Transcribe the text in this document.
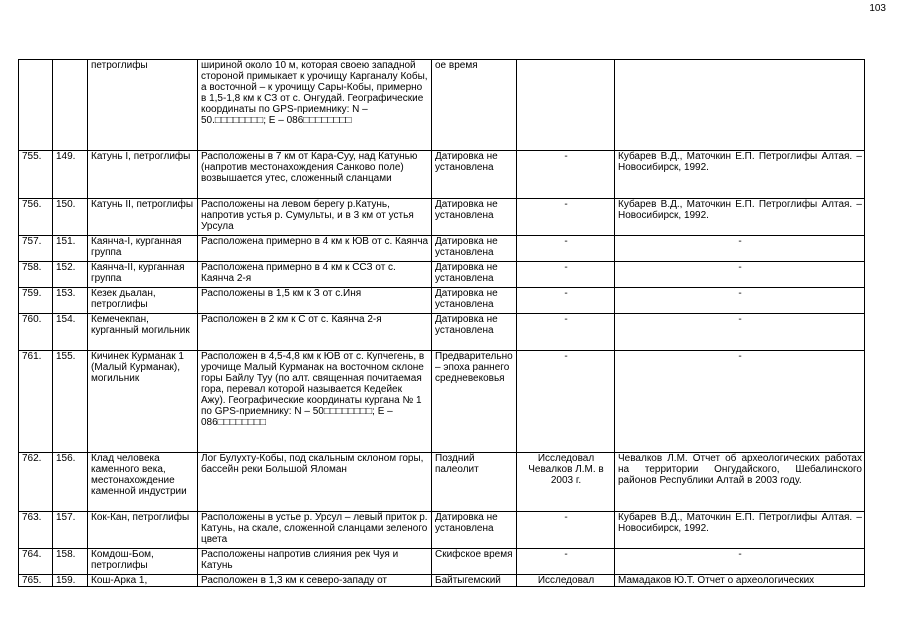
103
		петроглифы	шириной около 10 м, которая своею западной стороной примыкает к урочищу Карганалу Кобы, а восточной – к урочищу Сары-Кобы, примерно в 1,5-1,8 км к СЗ от с. Онгудай. Географические координаты по GPS-приемнику: N – 50.□□□□□□□□; E – 086□□□□□□□□	ое время		
755.	149.	Катунь I, петроглифы	Расположены в 7 км от Кара-Суу, над Катунью (напротив местонахождения Санково поле) возвышается утес, сложенный сланцами	Датировка не установлена	-	Кубарев В.Д., Маточкин Е.П. Петроглифы Алтая. – Новосибирск, 1992.
756.	150.	Катунь II, петроглифы	Расположены на левом берегу р.Катунь, напротив устья р. Сумульты, и в 3 км от устья Урсула	Датировка не установлена	-	Кубарев В.Д., Маточкин Е.П. Петроглифы Алтая. – Новосибирск, 1992.
757.	151.	Каянча-I, курганная группа	Расположена примерно в 4 км к ЮВ от с. Каянча	Датировка не установлена	-	-
758.	152.	Каянча-II, курганная группа	Расположена примерно в 4 км к ССЗ от с. Каянча 2-я	Датировка не установлена	-	-
759.	153.	Кезек дьалан, петроглифы	Расположены в 1,5 км к З от с.Иня	Датировка не установлена	-	-
760.	154.	Кемечекпан, курганный могильник	Расположен в 2 км к С от с. Каянча 2-я	Датировка не установлена	-	-
761.	155.	Кичинек Курманак 1 (Малый Курманак), могильник	Расположен в 4,5-4,8 км к ЮВ от с. Купчегень, в урочище Малый Курманак на восточном склоне горы Байлу Туу (по алт. священная почитаемая гора, перевал которой называется Кедейек Ажу). Географические координаты кургана № 1 по GPS-приемнику: N – 50□□□□□□□□; E – 086□□□□□□□□	Предварительно – эпоха раннего средневековья	-	-
762.	156.	Клад человека каменного века, местонахождение каменной индустрии	Лог Булухту-Кобы, под скальным склоном горы, бассейн реки Большой Яломан	Поздний палеолит	Исследовал Чевалков Л.М. в 2003 г.	Чевалков Л.М. Отчет об археологических работах на территории Онгудайского, Шебалинского районов Республики Алтай в 2003 году.
763.	157.	Кок-Кан, петроглифы	Расположены в устье р. Урсул – левый приток р. Катунь, на скале, сложенной сланцами зеленого цвета	Датировка не установлена	-	Кубарев В.Д., Маточкин Е.П. Петроглифы Алтая. – Новосибирск, 1992.
764.	158.	Комдош-Бом, петроглифы	Расположены напротив слияния рек Чуя и Катунь	Скифское время	-	-
765.	159.	Кош-Арка 1,	Расположен в 1,3 км к северо-западу от	Байтыгемский	Исследовал	Мамадаков Ю.Т. Отчет о археологических
